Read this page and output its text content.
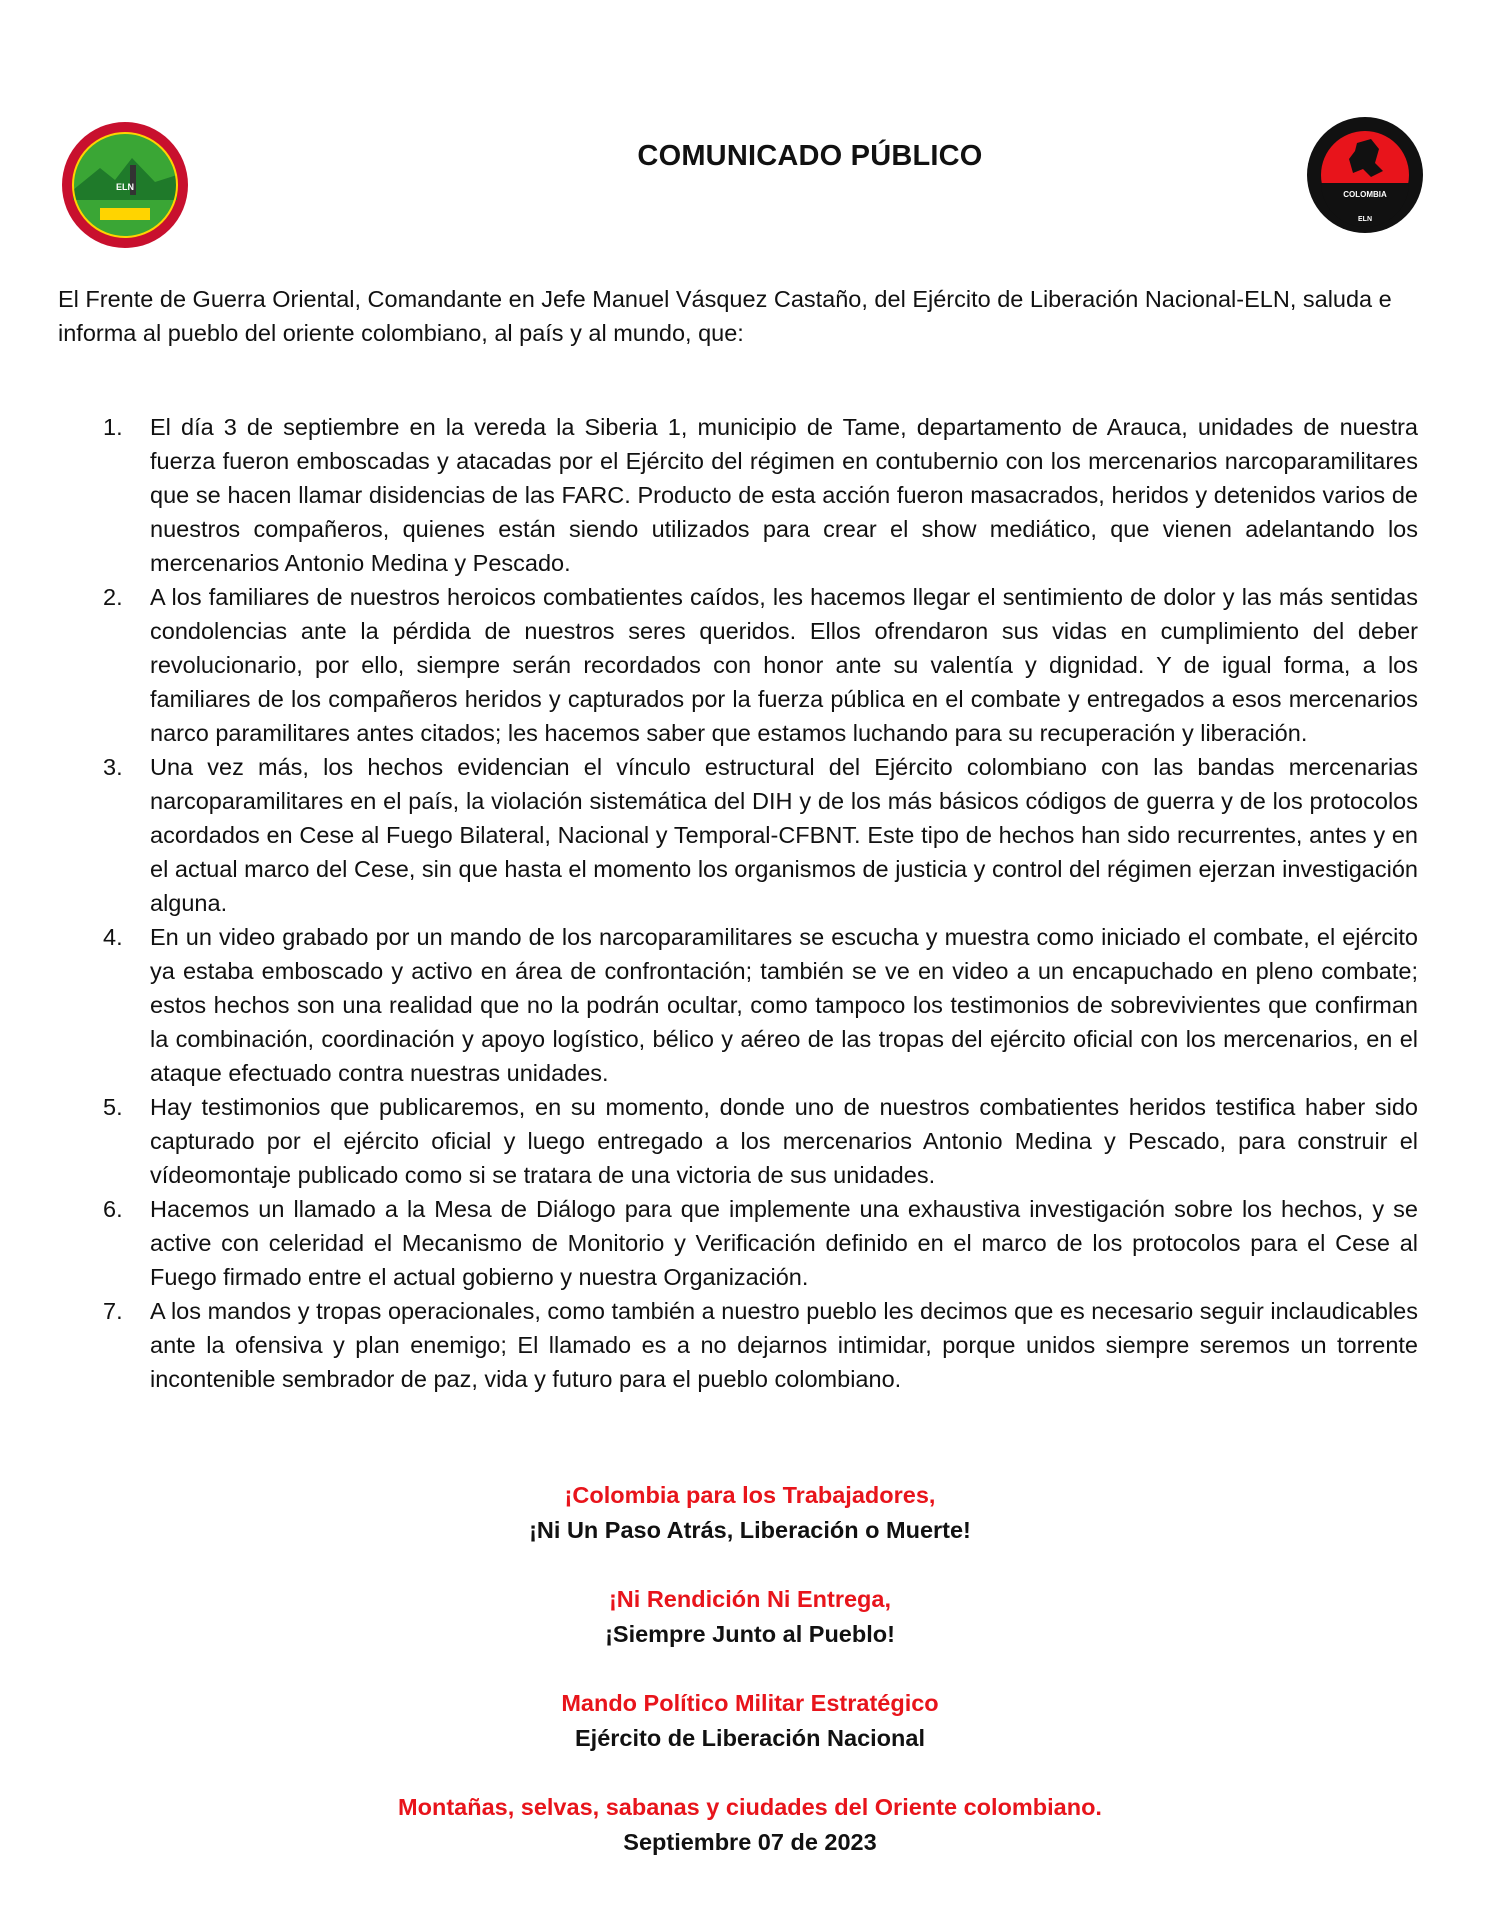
ELN
COMUNICADO PÚBLICO
COLOMBIA
ELN

El Frente de Guerra Oriental, Comandante en Jefe Manuel Vásquez Castaño, del Ejército de Liberación Nacional-ELN, saluda e informa al pueblo del oriente colombiano, al país y al mundo, que:

1.	El día 3 de septiembre en la vereda la Siberia 1, municipio de Tame, departamento de Arauca, unidades de nuestra fuerza fueron emboscadas y atacadas por el Ejército del régimen en contubernio con los mercenarios narcoparamilitares que se hacen llamar disidencias de las FARC. Producto de esta acción fueron masacrados, heridos y detenidos varios de nuestros compañeros, quienes están siendo utilizados para crear el show mediático, que vienen adelantando los mercenarios Antonio Medina y Pescado.
2.	A los familiares de nuestros heroicos combatientes caídos, les hacemos llegar el sentimiento de dolor y las más sentidas condolencias ante la pérdida de nuestros seres queridos. Ellos ofrendaron sus vidas en cumplimiento del deber revolucionario, por ello, siempre serán recordados con honor ante su valentía y dignidad. Y de igual forma, a los familiares de los compañeros heridos y capturados por la fuerza pública en el combate y entregados a esos mercenarios narco paramilitares antes citados; les hacemos saber que estamos luchando para su recuperación y liberación.
3.	Una vez más, los hechos evidencian el vínculo estructural del Ejército colombiano con las bandas mercenarias narcoparamilitares en el país, la violación sistemática del DIH y de los más básicos códigos de guerra y de los protocolos acordados en Cese al Fuego Bilateral, Nacional y Temporal-CFBNT. Este tipo de hechos han sido recurrentes, antes y en el actual marco del Cese, sin que hasta el momento los organismos de justicia y control del régimen ejerzan investigación alguna.
4.	En un video grabado por un mando de los narcoparamilitares se escucha y muestra como iniciado el combate, el ejército ya estaba emboscado y activo en área de confrontación; también se ve en video a un encapuchado en pleno combate; estos hechos son una realidad que no la podrán ocultar, como tampoco los testimonios de sobrevivientes que confirman la combinación, coordinación y apoyo logístico, bélico y aéreo de las tropas del ejército oficial con los mercenarios, en el ataque efectuado contra nuestras unidades.
5.	Hay testimonios que publicaremos, en su momento, donde uno de nuestros combatientes heridos testifica haber sido capturado por el ejército oficial y luego entregado a los mercenarios Antonio Medina y Pescado, para construir el vídeomontaje publicado como si se tratara de una victoria de sus unidades.
6.	Hacemos un llamado a la Mesa de Diálogo para que implemente una exhaustiva investigación sobre los hechos, y se active con celeridad el Mecanismo de Monitorio y Verificación definido en el marco de los protocolos para el Cese al Fuego firmado entre el actual gobierno y nuestra Organización.
7.	A los mandos y tropas operacionales, como también a nuestro pueblo les decimos que es necesario seguir inclaudicables ante la ofensiva y plan enemigo; El llamado es a no dejarnos intimidar, porque unidos siempre seremos un torrente incontenible sembrador de paz, vida y futuro para el pueblo colombiano.
¡Colombia para los Trabajadores,
¡Ni Un Paso Atrás, Liberación o Muerte!
¡Ni Rendición Ni Entrega,
¡Siempre Junto al Pueblo!
Mando Político Militar Estratégico
Ejército de Liberación Nacional
Montañas, selvas, sabanas y ciudades del Oriente colombiano.
Septiembre 07 de 2023
